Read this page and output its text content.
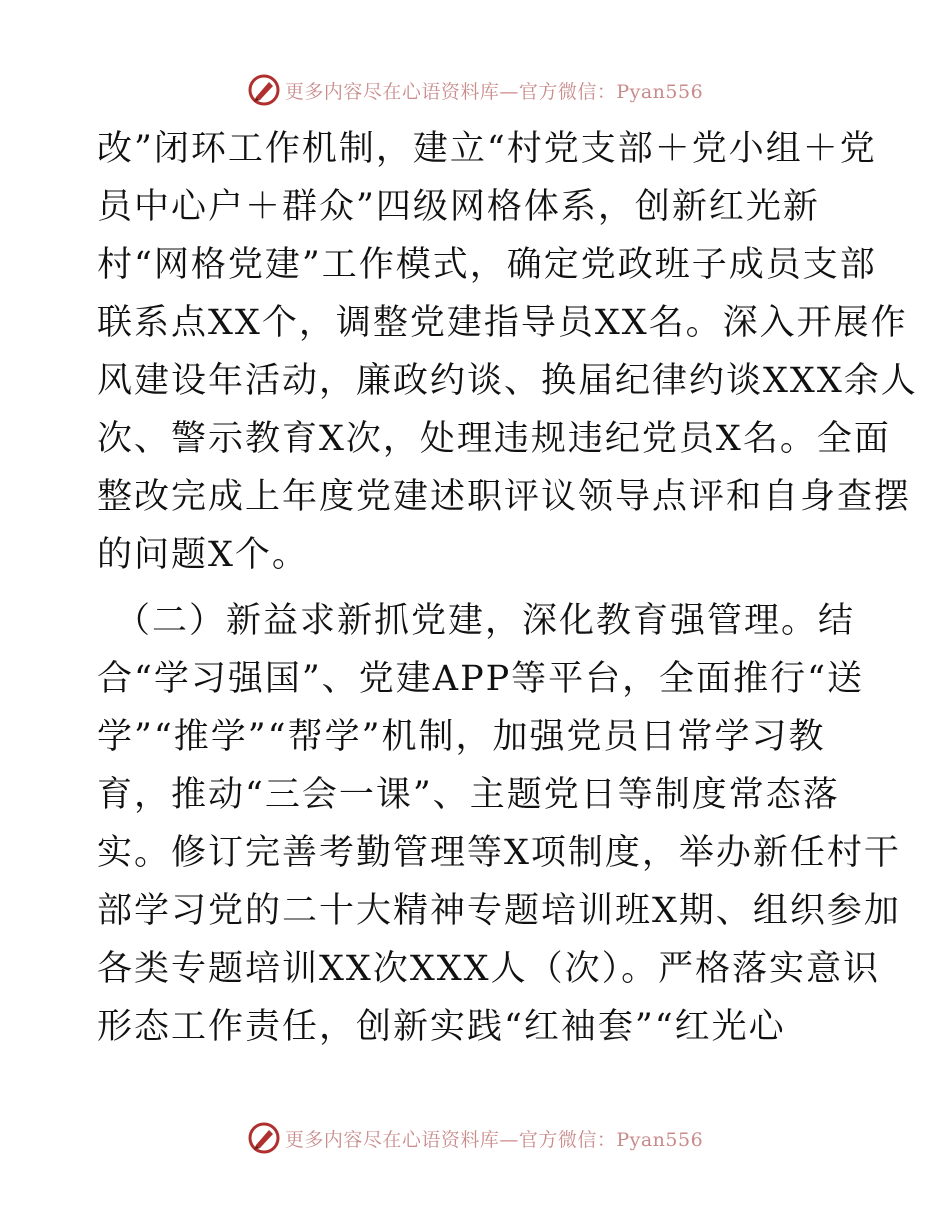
更多内容尽在心语资料库—官方微信：Pyan556
改”闭环工作机制，建立“村党支部＋党小组＋党
员中心户＋群众”四级网格体系，创新红光新
村“网格党建”工作模式，确定党政班子成员支部
联系点XX个，调整党建指导员XX名。深入开展作
风建设年活动，廉政约谈、换届纪律约谈XXX余人
次、警示教育X次，处理违规违纪党员X名。全面
整改完成上年度党建述职评议领导点评和自身查摆
的问题X个。
（二）新益求新抓党建，深化教育强管理。结
合“学习强国”、党建APP等平台，全面推行“送
学”“推学”“帮学”机制，加强党员日常学习教
育，推动“三会一课”、主题党日等制度常态落
实。修订完善考勤管理等X项制度，举办新任村干
部学习党的二十大精神专题培训班X期、组织参加
各类专题培训XX次XXX人（次）。严格落实意识
形态工作责任，创新实践“红袖套”“红光心
更多内容尽在心语资料库—官方微信：Pyan556
